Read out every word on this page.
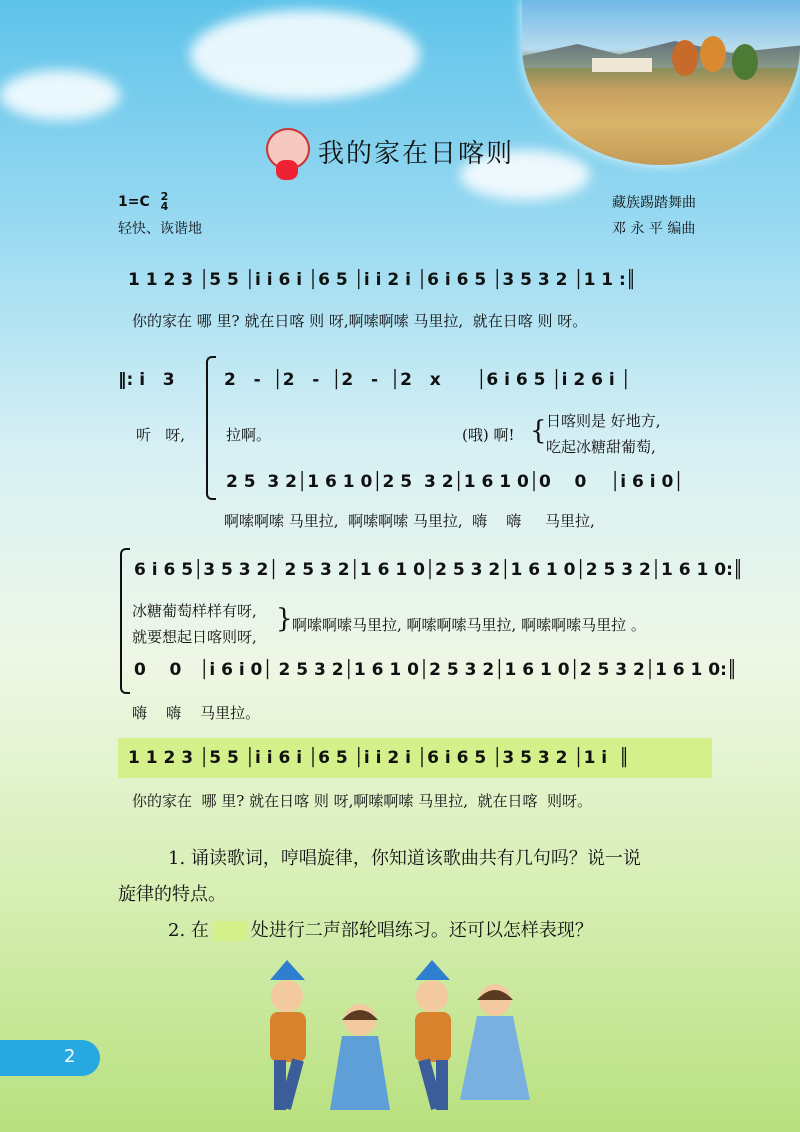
我的家在日喀则
1=C 2
4
轻快、诙谐地
藏族踢踏舞曲
邓 永 平 编曲
1 1 2 3 │5 5 │i i 6 i │6 5 │i i 2 i │6 i 6 5 │3 5 3 2 │1 1 :║
你的家在 哪 里? 就在日喀 则 呀,啊嗦啊嗦 马里拉,  就在日喀 则 呀。
‖: i   3	2   -  │2   -  │2   -  │2   x      │6 i 6 5 │i 2 6 i │
听   呀,	拉啊。	(哦) 啊! { 日喀则是 好地方,
吃起冰糖甜葡萄,
2 5  3 2│1 6 1 0│2 5  3 2│1 6 1 0│0    0    │i 6 i 0│
啊嗦啊嗦 马里拉,  啊嗦啊嗦 马里拉,  嗨    嗨     马里拉,
6 i 6 5│3 5 3 2│ 2 5 3 2│1 6 1 0│2 5 3 2│1 6 1 0│2 5 3 2│1 6 1 0:║
冰糖葡萄样样有呀,
就要想起日喀则呀,
} 啊嗦啊嗦马里拉, 啊嗦啊嗦马里拉, 啊嗦啊嗦马里拉 。
0    0   │i 6 i 0│ 2 5 3 2│1 6 1 0│2 5 3 2│1 6 1 0│2 5 3 2│1 6 1 0:║
嗨    嗨    马里拉。
1 1 2 3 │5 5 │i i 6 i │6 5 │i i 2 i │6 i 6 5 │3 5 3 2 │1 i  ║
你的家在  哪 里? 就在日喀 则 呀,啊嗦啊嗦 马里拉,  就在日喀  则呀。
1. 诵读歌词，哼唱旋律，你知道该歌曲共有几句吗？说一说
旋律的特点。
2. 在 处进行二声部轮唱练习。还可以怎样表现？
2
